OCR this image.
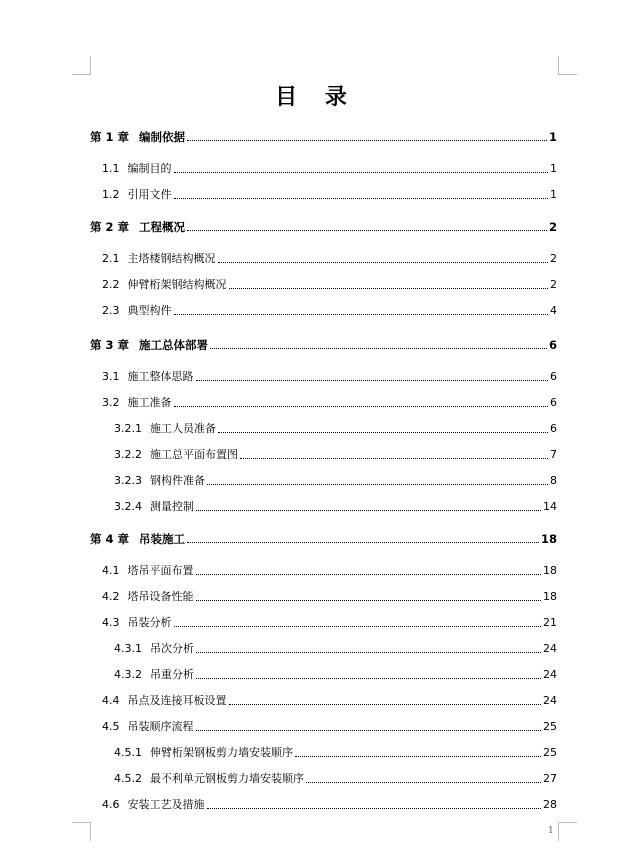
目 录
第 1 章 编制依据	1
1.1 编制目的	1
1.2 引用文件	1
第 2 章 工程概况	2
2.1 主塔楼钢结构概况	2
2.2 伸臂桁架钢结构概况	2
2.3 典型构件	4
第 3 章 施工总体部署	6
3.1 施工整体思路	6
3.2 施工准备	6
3.2.1 施工人员准备	6
3.2.2 施工总平面布置图	7
3.2.3 钢构件准备	8
3.2.4 测量控制	14
第 4 章 吊装施工	18
4.1 塔吊平面布置	18
4.2 塔吊设备性能	18
4.3 吊装分析	21
4.3.1 吊次分析	24
4.3.2 吊重分析	24
4.4 吊点及连接耳板设置	24
4.5 吊装顺序流程	25
4.5.1 伸臂桁架钢板剪力墙安装顺序	25
4.5.2 最不利单元钢板剪力墙安装顺序	27
4.6 安装工艺及措施	28
1
